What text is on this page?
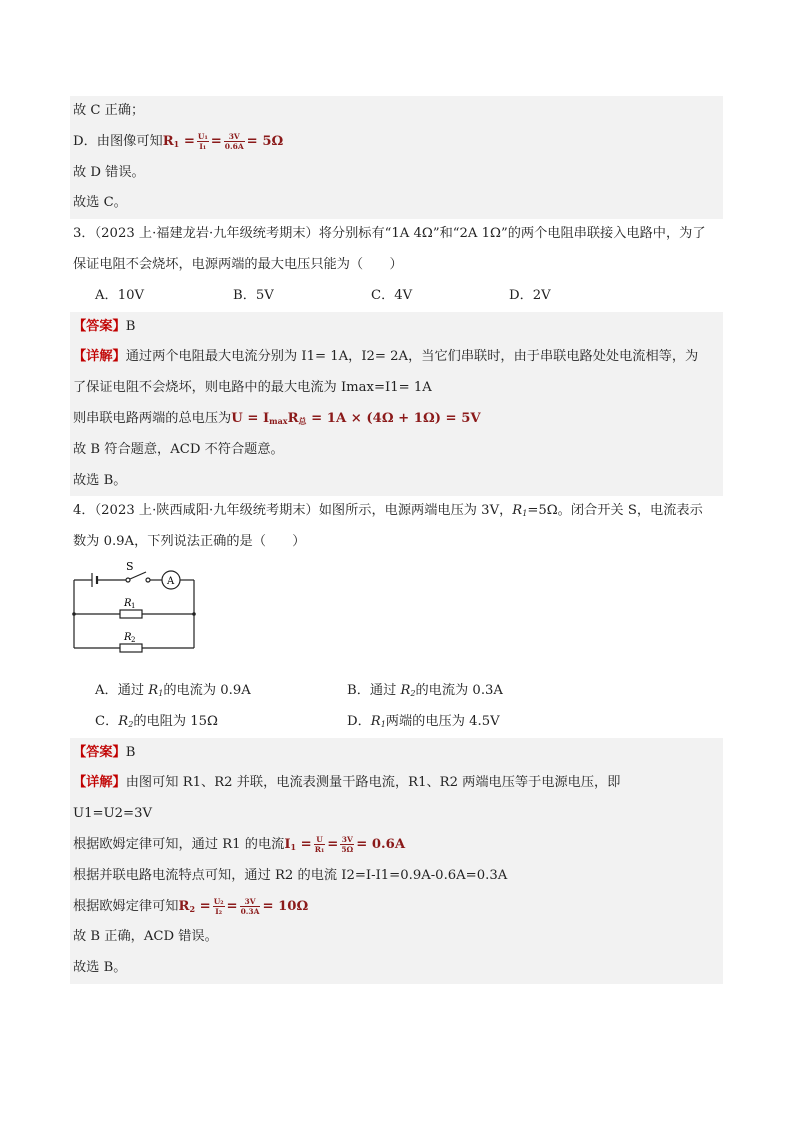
故 C 正确；
D．由图像可知$R_1 = \frac{\text{U₁}}{\text{I₁}} = \frac{3V}{0.6A} = 5\Omega$
故 D 错误。
故选 C。
3．（2023 上·福建龙岩·九年级统考期末）将分别标有“1A 4Ω”和“2A 1Ω”的两个电阻串联接入电路中，为了
保证电阻不会烧坏，电源两端的最大电压只能为（　　）
A．10V	B．5V	C．4V	D．2V
【答案】B
【详解】通过两个电阻最大电流分别为 I1= 1A，I2= 2A，当它们串联时，由于串联电路处处电流相等，为
了保证电阻不会烧坏，则电路中的最大电流为 Imax=I1= 1A
则串联电路两端的总电压为$U = I_{max}R_总 = 1A \times (4\Omega + 1\Omega) = 5V$
故 B 符合题意，ACD 不符合题意。
故选 B。
4．（2023 上·陕西咸阳·九年级统考期末）如图所示，电源两端电压为 3V，$R_1=5\Omega$。闭合开关 S，电流表示
数为 0.9A，下列说法正确的是（　　）
S
A
R 1
R 2
A．通过 $R_1$的电流为 0.9A	B．通过 $R_2$的电流为 0.3A
C．$R_2$的电阻为 15Ω	D．$R_1$两端的电压为 4.5V
【答案】B
【详解】由图可知 R1、R2 并联，电流表测量干路电流，R1、R2 两端电压等于电源电压，即
U1=U2=3V
根据欧姆定律可知，通过 R1 的电流$I_1 = \frac{U}{\text{R₁}} = \frac{3V}{5\Omega} = 0.6A$
根据并联电路电流特点可知，通过 R2 的电流 I2=I-I1=0.9A-0.6A=0.3A
根据欧姆定律可知$R_2 = \frac{\text{U₂}}{\text{I₂}} = \frac{3V}{0.3A} = 10\Omega$
故 B 正确，ACD 错误。
故选 B。
